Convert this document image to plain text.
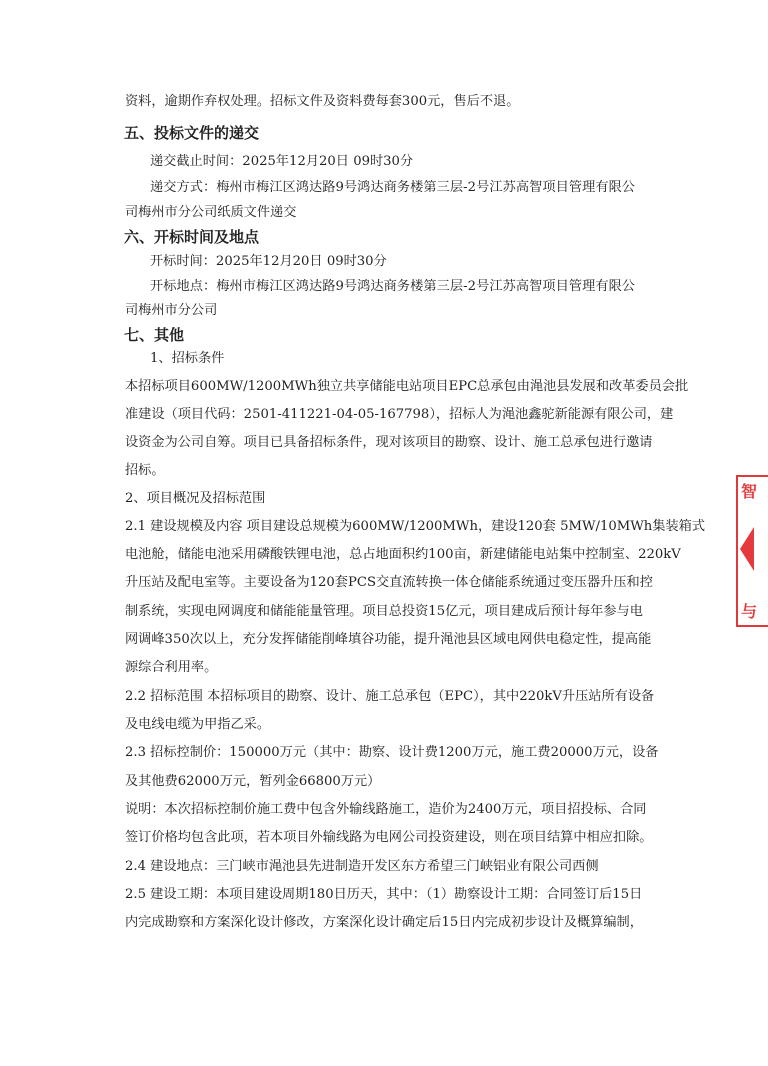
资料，逾期作弃权处理。招标文件及资料费每套300元，售后不退。
五、投标文件的递交
递交截止时间：2025年12月20日 09时30分
递交方式：梅州市梅江区鸿达路9号鸿达商务楼第三层-2号江苏高智项目管理有限公
司梅州市分公司纸质文件递交
六、开标时间及地点
开标时间：2025年12月20日 09时30分
开标地点：梅州市梅江区鸿达路9号鸿达商务楼第三层-2号江苏高智项目管理有限公
司梅州市分公司
七、其他
1、招标条件
本招标项目600MW/1200MWh独立共享储能电站项目EPC总承包由渑池县发展和改革委员会批
准建设（项目代码：2501-411221-04-05-167798），招标人为渑池鑫驼新能源有限公司，建
设资金为公司自筹。项目已具备招标条件，现对该项目的勘察、设计、施工总承包进行邀请
招标。
2、项目概况及招标范围
2.1 建设规模及内容 项目建设总规模为600MW/1200MWh，建设120套 5MW/10MWh集装箱式
电池舱，储能电池采用磷酸铁锂电池，总占地面积约100亩，新建储能电站集中控制室、220kV
升压站及配电室等。主要设备为120套PCS交直流转换一体仓储能系统通过变压器升压和控
制系统，实现电网调度和储能能量管理。项目总投资15亿元，项目建成后预计每年参与电
网调峰350次以上，充分发挥储能削峰填谷功能，提升渑池县区域电网供电稳定性，提高能
源综合利用率。
2.2 招标范围 本招标项目的勘察、设计、施工总承包（EPC），其中220kV升压站所有设备
及电线电缆为甲指乙采。
2.3 招标控制价：150000万元（其中：勘察、设计费1200万元，施工费20000万元，设备
及其他费62000万元，暂列金66800万元）
说明：本次招标控制价施工费中包含外输线路施工，造价为2400万元，项目招投标、合同
签订价格均包含此项，若本项目外输线路为电网公司投资建设，则在项目结算中相应扣除。
2.4 建设地点：三门峡市渑池县先进制造开发区东方希望三门峡铝业有限公司西侧
2.5 建设工期：本项目建设周期180日历天，其中：（1）勘察设计工期：合同签订后15日
内完成勘察和方案深化设计修改，方案深化设计确定后15日内完成初步设计及概算编制，
智
与
